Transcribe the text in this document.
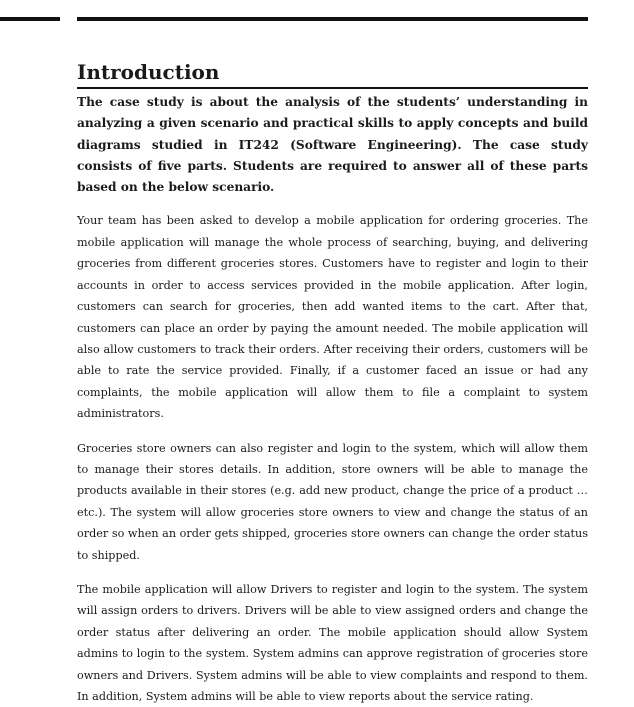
Introduction

The case study is about the analysis of the students’ understanding in analyzing a given scenario and practical skills to apply concepts and build diagrams studied in IT242 (Software Engineering). The case study consists of five parts. Students are required to answer all of these parts based on the below scenario.

Your team has been asked to develop a mobile application for ordering groceries. The mobile application will manage the whole process of searching, buying, and delivering groceries from different groceries stores. Customers have to register and login to their accounts in order to access services provided in the mobile application. After login, customers can search for groceries, then add wanted items to the cart. After that, customers can place an order by paying the amount needed. The mobile application will also allow customers to track their orders. After receiving their orders, customers will be able to rate the service provided. Finally, if a customer faced an issue or had any complaints, the mobile application will allow them to file a complaint to system administrators.

Groceries store owners can also register and login to the system, which will allow them to manage their stores details. In addition, store owners will be able to manage the products available in their stores (e.g. add new product, change the price of a product …etc.). The system will allow groceries store owners to view and change the status of an order so when an order gets shipped, groceries store owners can change the order status to shipped.

The mobile application will allow Drivers to register and login to the system. The system will assign orders to drivers. Drivers will be able to view assigned orders and change the order status after delivering an order. The mobile application should allow System admins to login to the system. System admins can approve registration of groceries store owners and Drivers. System admins will be able to view complaints and respond to them. In addition, System admins will be able to view reports about the service rating.
